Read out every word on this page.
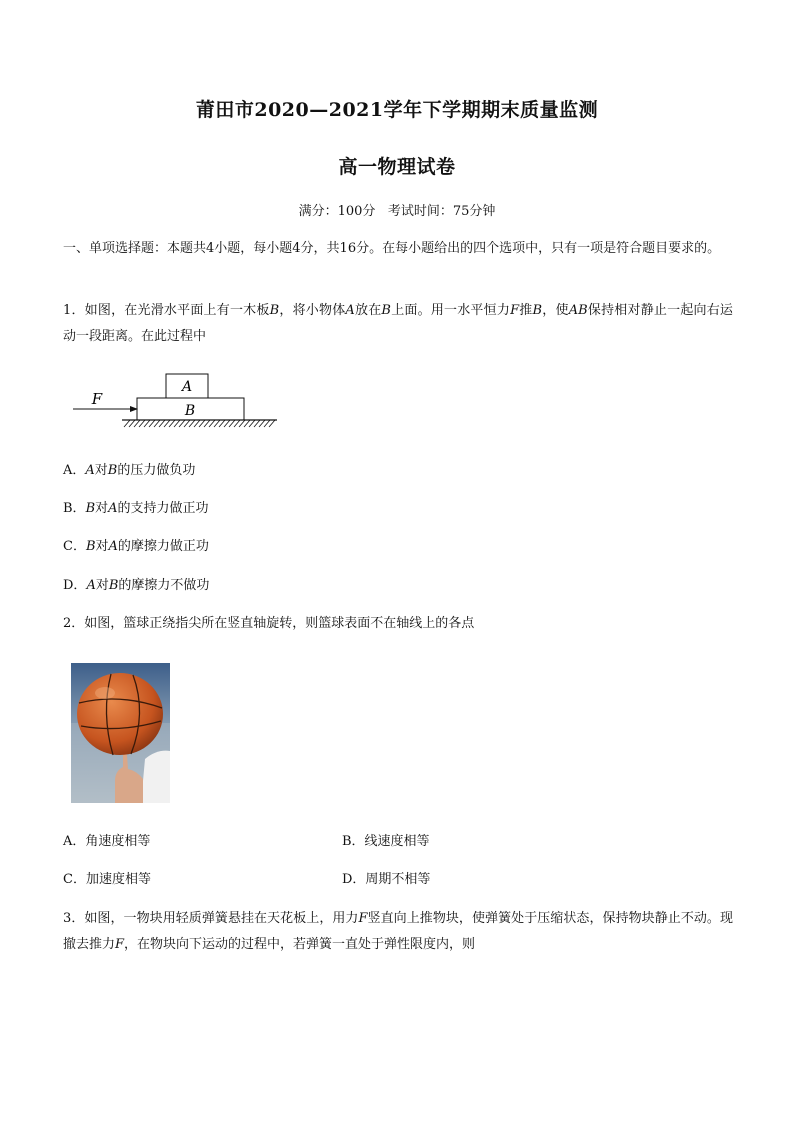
莆田市2020—2021学年下学期期末质量监测
高一物理试卷
满分：100分   考试时间：75分钟
一、单项选择题：本题共4小题，每小题4分，共16分。在每小题给出的四个选项中，只有一项是符合题目要求的。
1．如图，在光滑水平面上有一木板B，将小物体A放在B上面。用一水平恒力F推B，使AB保持相对静止一起向右运动一段距离。在此过程中
A
B
F
A．A对B的压力做负功
B．B对A的支持力做正功
C．B对A的摩擦力做正功
D．A对B的摩擦力不做功
2．如图，篮球正绕指尖所在竖直轴旋转，则篮球表面不在轴线上的各点
A．角速度相等	B．线速度相等
C．加速度相等	D．周期不相等
3．如图，一物块用轻质弹簧悬挂在天花板上，用力F竖直向上推物块，使弹簧处于压缩状态，保持物块静止不动。现撤去推力F，在物块向下运动的过程中，若弹簧一直处于弹性限度内，则
